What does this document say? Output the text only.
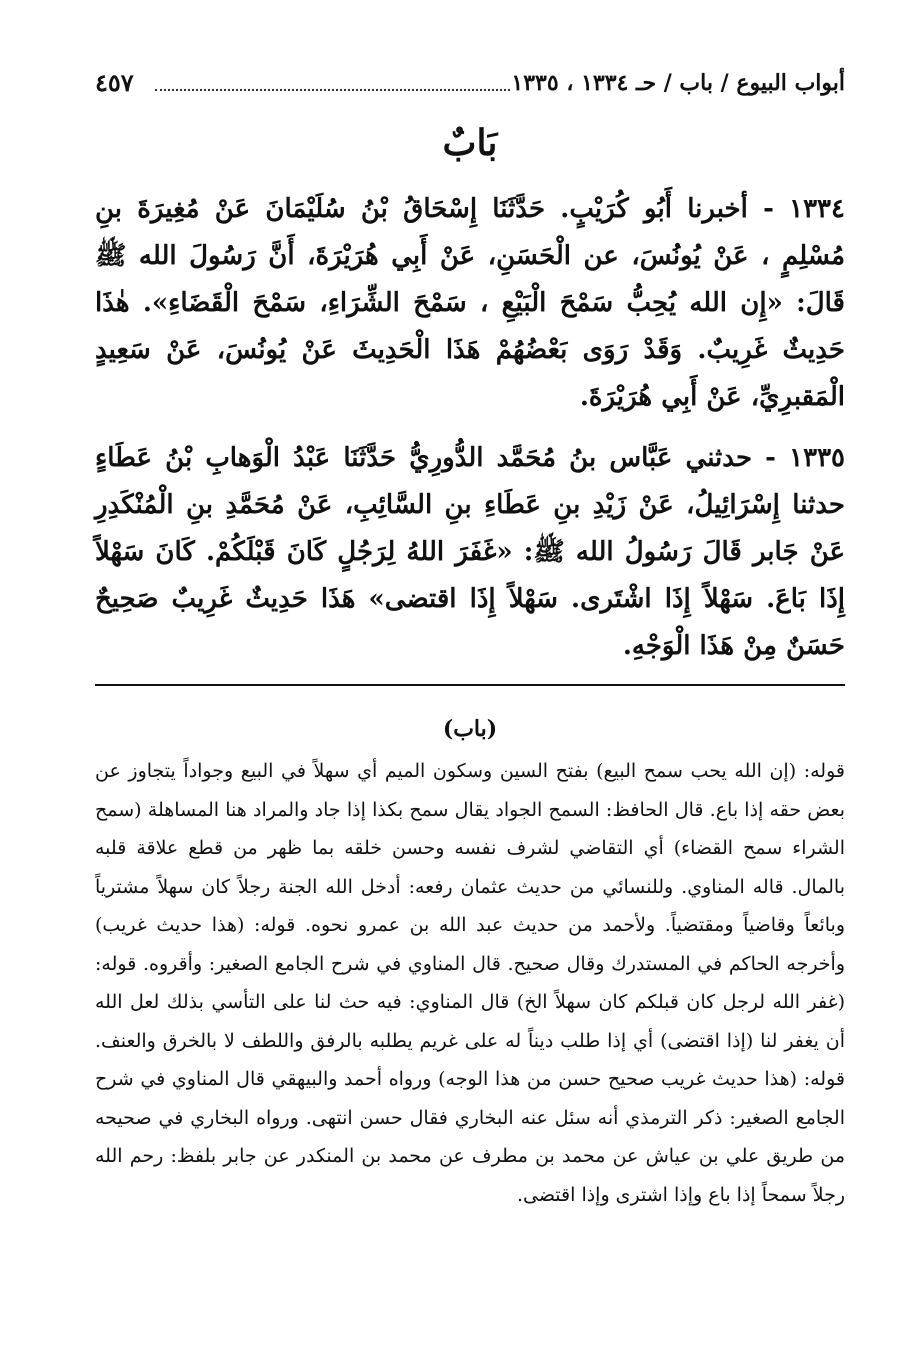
أبواب البيوع / باب / حـ ١٣٣٤ ، ١٣٣٥
٤٥٧
بَابٌ

١٣٣٤ - أخبرنا أَبُو كُرَيْبٍ. حَدَّثَنَا إِسْحَاقُ بْنُ سُلَيْمَانَ عَنْ مُغِيرَةَ بنِ مُسْلِمٍ ، عَنْ يُونُسَ، عن الْحَسَنِ، عَنْ أَبِي هُرَيْرَةَ، أَنَّ رَسُولَ الله ﷺ قَالَ: «إِن الله يُحِبُّ سَمْحَ الْبَيْعِ ، سَمْحَ الشِّرَاءِ، سَمْحَ الْقَضَاءِ». هٰذَا حَدِيثٌ غَرِيبٌ. وَقَدْ رَوَى بَعْضُهُمْ هَذَا الْحَدِيثَ عَنْ يُونُسَ، عَنْ سَعِيدٍ الْمَقبرِيِّ، عَنْ أَبِي هُرَيْرَةَ.

١٣٣٥ - حدثني عَبَّاس بنُ مُحَمَّد الدُّورِيُّ حَدَّثَنَا عَبْدُ الْوَهابِ بْنُ عَطَاءٍ حدثنا إِسْرَائِيلُ، عَنْ زَيْدِ بنِ عَطَاءِ بنِ السَّائِبِ، عَنْ مُحَمَّدِ بنِ الْمُنْكَدِرِ عَنْ جَابر قَالَ رَسُولُ الله ﷺ: «غَفَرَ اللهُ لِرَجُلٍ كَانَ قَبْلَكُمْ. كَانَ سَهْلاً إِذَا بَاعَ. سَهْلاً إِذَا اشْتَرى. سَهْلاً إِذَا اقتضى» هَذَا حَدِيثٌ غَرِيبٌ صَحِيحٌ حَسَنٌ مِنْ هَذَا الْوَجْهِ.

(باب)

قوله: (إن الله يحب سمح البيع) بفتح السين وسكون الميم أي سهلاً في البيع وجواداً يتجاوز عن بعض حقه إذا باع. قال الحافظ: السمح الجواد يقال سمح بكذا إذا جاد والمراد هنا المساهلة (سمح الشراء سمح القضاء) أي التقاضي لشرف نفسه وحسن خلقه بما ظهر من قطع علاقة قلبه بالمال. قاله المناوي. وللنسائي من حديث عثمان رفعه: أدخل الله الجنة رجلاً كان سهلاً مشترياً وبائعاً وقاضياً ومقتضياً. ولأحمد من حديث عبد الله بن عمرو نحوه. قوله: (هذا حديث غريب) وأخرجه الحاكم في المستدرك وقال صحيح. قال المناوي في شرح الجامع الصغير: وأقروه. قوله: (غفر الله لرجل كان قبلكم كان سهلاً الخ) قال المناوي: فيه حث لنا على التأسي بذلك لعل الله أن يغفر لنا (إذا اقتضى) أي إذا طلب ديناً له على غريم يطلبه بالرفق واللطف لا بالخرق والعنف. قوله: (هذا حديث غريب صحيح حسن من هذا الوجه) ورواه أحمد والبيهقي قال المناوي في شرح الجامع الصغير: ذكر الترمذي أنه سئل عنه البخاري فقال حسن انتهى. ورواه البخاري في صحيحه من طريق علي بن عياش عن محمد بن مطرف عن محمد بن المنكدر عن جابر بلفظ: رحم الله رجلاً سمحاً إذا باع وإذا اشترى وإذا اقتضى.
